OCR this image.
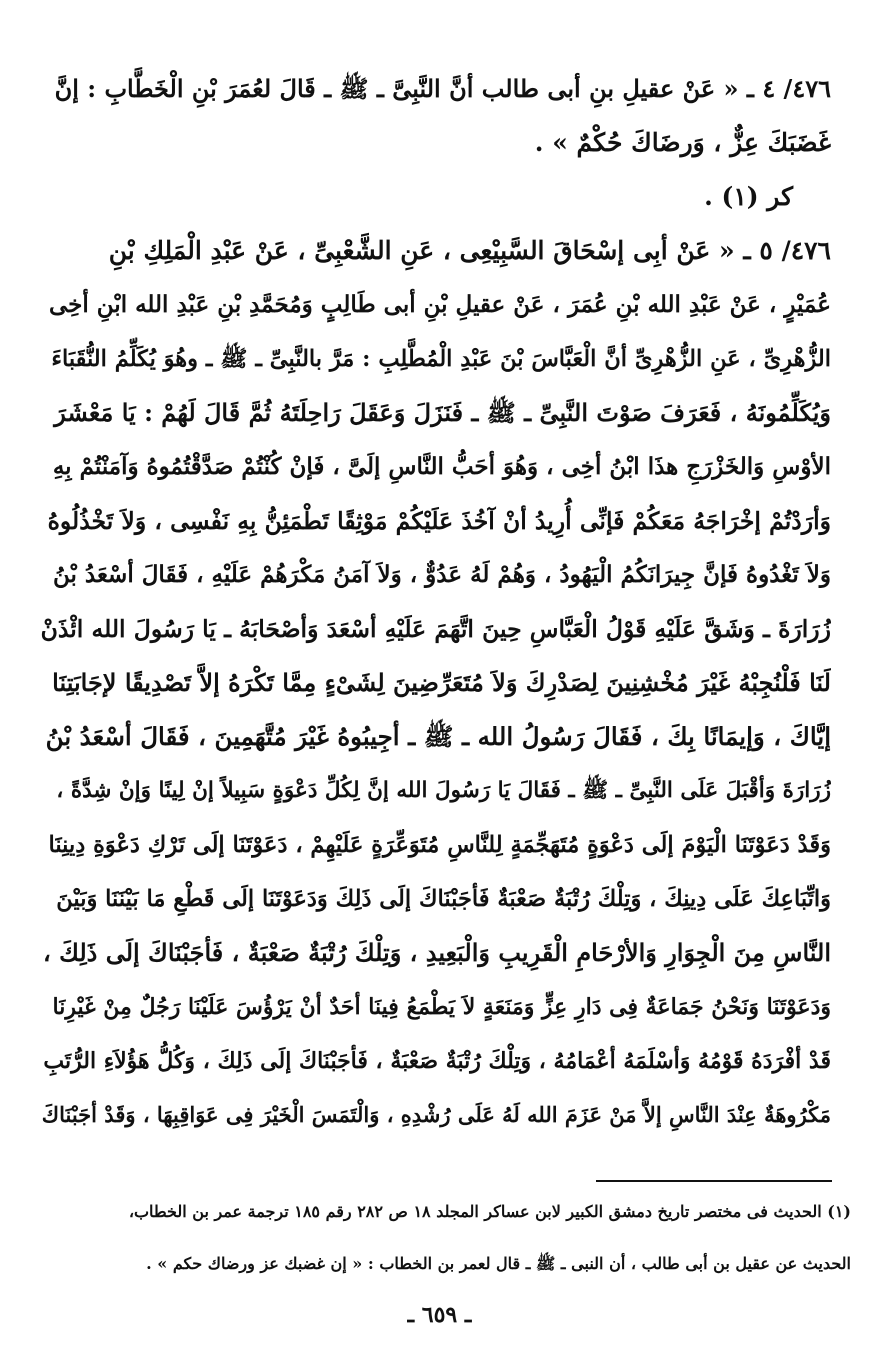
٤٧٦/ ٤ ـ « عَنْ عقيلِ بنِ أبى طالب أنَّ النَّبِىَّ ـ ﷺ ـ قَالَ لعُمَرَ بْنِ الْخَطَّابِ : إنَّ
غَضَبَكَ عِزٌّ ، وَرضَاكَ حُكْمٌ » .
كر (١) .
٤٧٦/ ٥ ـ « عَنْ أبِى إسْحَاقَ السَّبِيْعِى ، عَنِ الشَّعْبِىِّ ، عَنْ عَبْدِ الْمَلِكِ بْنِ
عُمَيْرٍ ، عَنْ عَبْدِ الله بْنِ عُمَرَ ، عَنْ عقيلِ بْنِ أبى طَالِبٍ وَمُحَمَّدِ بْنِ عَبْدِ الله ابْنِ أخِى
الزُّهْرِىِّ ، عَنِ الزُّهْرِىِّ أنَّ الْعَبَّاسَ بْنَ عَبْدِ الْمُطَّلِبِ : مَرَّ بالنَّبِىِّ ـ ﷺ ـ وهُوَ يُكَلِّمُ النُّقَبَاءَ
وَيُكَلِّمُونَهُ ، فَعَرَفَ صَوْتَ النَّبِىِّ ـ ﷺ ـ فَنَزَلَ وَعَقَلَ رَاحِلَتَهُ ثُمَّ قَالَ لَهُمْ : يَا مَعْشَرَ
الأوْسِ وَالخَزْرَجِ هذَا ابْنُ أخِى ، وَهُوَ أحَبُّ النَّاسِ إلَىَّ ، فَإنْ كُنْتُمْ صَدَّقْتُمُوهُ وَآمَنْتُمْ بِهِ
وَأرَدْتُمْ إخْرَاجَهُ مَعَكُمْ فَإنِّى أُرِيدُ أنْ آخُذَ عَلَيْكُمْ مَوْثِقًا تَطْمَئِنُّ بِهِ نَفْسِى ، وَلاَ تَخْذُلُوهُ
وَلاَ تَغْدُوهُ فَإنَّ جِيرَانَكُمُ الْيَهُودُ ، وَهُمْ لَهُ عَدُوٌّ ، وَلاَ آمَنُ مَكْرَهُمْ عَلَيْهِ ، فَقَالَ أسْعَدُ بْنُ
زُرَارَةَ ـ وَشَقَّ عَلَيْهِ قَوْلُ الْعَبَّاسِ حِينَ اتَّهَمَ عَلَيْهِ أسْعَدَ وَأصْحَابَهُ ـ يَا رَسُولَ الله ائْذَنْ
لَنَا فَلْنُجِبْهُ غَيْرَ مُخْشِنِينَ لِصَدْرِكَ وَلاَ مُتَعَرِّضِينَ لِشَىْءٍ مِمَّا تَكْرَهُ إلاَّ تَصْدِيقًا لإجَابَتِنَا
إيَّاكَ ، وَإيمَانًا بِكَ ، فَقَالَ رَسُولُ الله ـ ﷺ ـ أجِيبُوهُ غَيْرَ مُتَّهَمِينَ ، فَقَالَ أسْعَدُ بْنُ
زُرَارَةَ وَأقْبَلَ عَلَى النَّبِىِّ ـ ﷺ ـ فَقَالَ يَا رَسُولَ الله إنَّ لِكُلِّ دَعْوَةٍ سَبِيلاً إنْ لِينًا وَإنْ شِدَّةً ،
وَقَدْ دَعَوْتَنَا الْيَوْمَ إلَى دَعْوَةٍ مُتَهَجِّمَةٍ لِلنَّاسِ مُتَوَعِّرَةٍ عَلَيْهِمْ ، دَعَوْتَنَا إلَى تَرْكِ دَعْوَةِ دِينِنَا
وَاتِّبَاعِكَ عَلَى دِينِكَ ، وَتِلْكَ رُتْبَةٌ صَعْبَةٌ فَأجَبْنَاكَ إلَى ذَلِكَ وَدَعَوْتَنَا إلَى قَطْعِ مَا بَيْنَنَا وَبَيْنَ
النَّاسِ مِنَ الْجِوَارِ وَالأرْحَامِ الْقَرِيبِ وَالْبَعِيدِ ، وَتِلْكَ رُتْبَةٌ صَعْبَةٌ ، فَأجَبْنَاكَ إلَى ذَلِكَ ،
وَدَعَوْتَنَا وَنَحْنُ جَمَاعَةٌ فِى دَارِ عِزٍّ وَمَنَعَةٍ لاَ يَطْمَعُ فِينَا أحَدٌ أنْ يَرْؤُسَ عَلَيْنَا رَجُلٌ مِنْ غَيْرِنَا
قَدْ أفْرَدَهُ قَوْمُهُ وَأسْلَمَهُ أعْمَامُهُ ، وَتِلْكَ رُتْبَةٌ صَعْبَةٌ ، فَأجَبْنَاكَ إلَى ذَلِكَ ، وَكُلُّ هَؤُلاَءِ الرُّتَبِ
مَكْرُوهَةٌ عِنْدَ النَّاسِ إلاَّ مَنْ عَزَمَ الله لَهُ عَلَى رُشْدِهِ ، وَالْتَمَسَ الْخَيْرَ فِى عَوَاقِبِهَا ، وَقَدْ أجَبْنَاكَ
(١) الحديث فى مختصر تاريخ دمشق الكبير لابن عساكر المجلد ١٨ ص ٢٨٢ رقم ١٨٥ ترجمة عمر بن الخطاب،
الحديث عن عقيل بن أبى طالب ، أن النبى ـ ﷺ ـ قال لعمر بن الخطاب : « إن غضبك عز ورضاك حكم » .
ـ ٦٥٩ ـ
